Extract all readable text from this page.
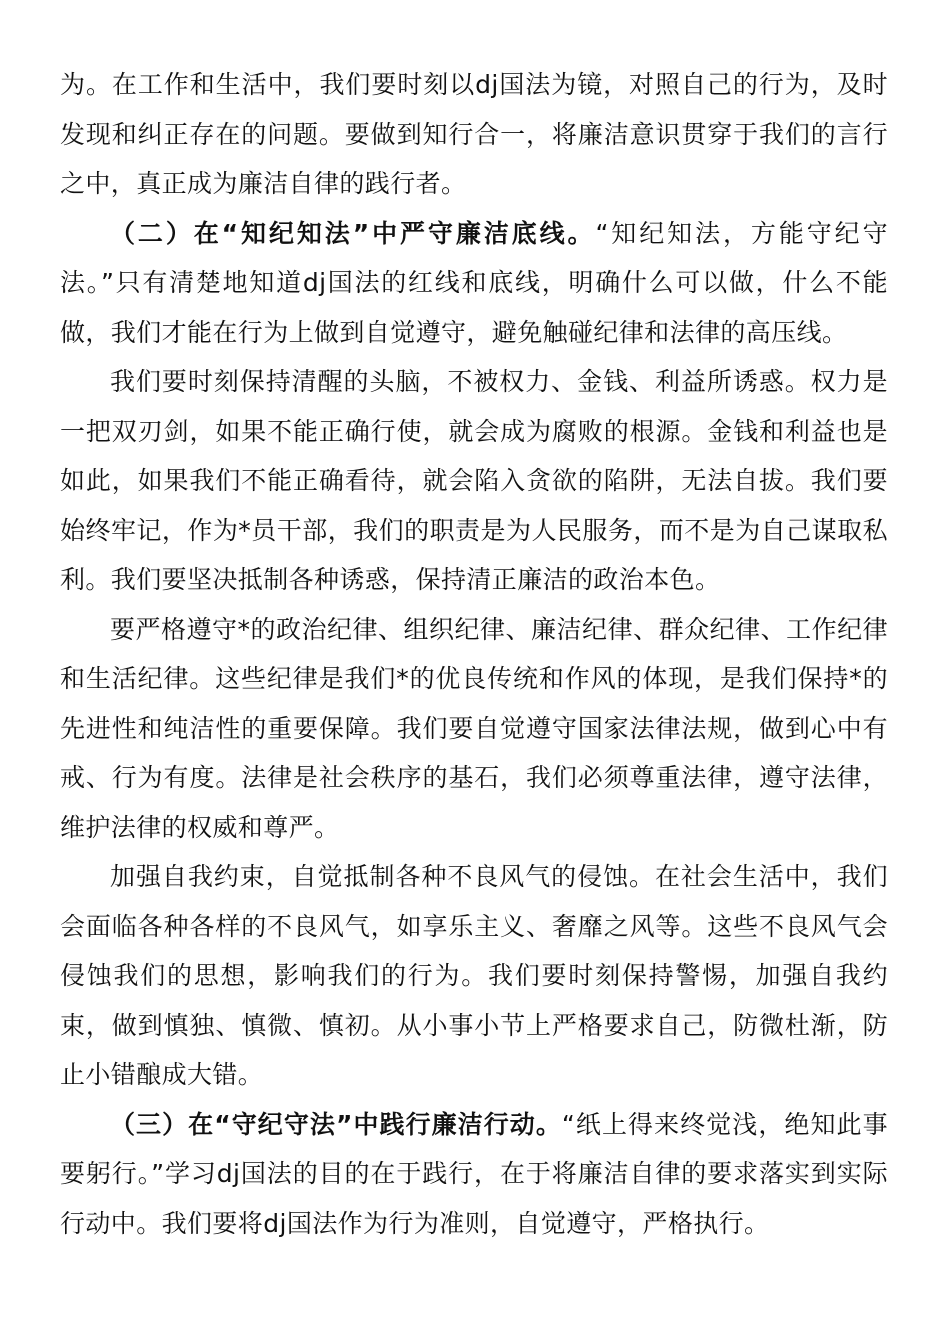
为。在工作和生活中，我们要时刻以dj国法为镜，对照自己的行为，及时发现和纠正存在的问题。要做到知行合一，将廉洁意识贯穿于我们的言行之中，真正成为廉洁自律的践行者。

（二）在“知纪知法”中严守廉洁底线。“知纪知法，方能守纪守法。”只有清楚地知道dj国法的红线和底线，明确什么可以做，什么不能做，我们才能在行为上做到自觉遵守，避免触碰纪律和法律的高压线。

我们要时刻保持清醒的头脑，不被权力、金钱、利益所诱惑。权力是一把双刃剑，如果不能正确行使，就会成为腐败的根源。金钱和利益也是如此，如果我们不能正确看待，就会陷入贪欲的陷阱，无法自拔。我们要始终牢记，作为*员干部，我们的职责是为人民服务，而不是为自己谋取私利。我们要坚决抵制各种诱惑，保持清正廉洁的政治本色。

要严格遵守*的政治纪律、组织纪律、廉洁纪律、群众纪律、工作纪律和生活纪律。这些纪律是我们*的优良传统和作风的体现，是我们保持*的先进性和纯洁性的重要保障。我们要自觉遵守国家法律法规，做到心中有戒、行为有度。法律是社会秩序的基石，我们必须尊重法律，遵守法律，维护法律的权威和尊严。

加强自我约束，自觉抵制各种不良风气的侵蚀。在社会生活中，我们会面临各种各样的不良风气，如享乐主义、奢靡之风等。这些不良风气会侵蚀我们的思想，影响我们的行为。我们要时刻保持警惕，加强自我约束，做到慎独、慎微、慎初。从小事小节上严格要求自己，防微杜渐，防止小错酿成大错。

（三）在“守纪守法”中践行廉洁行动。“纸上得来终觉浅，绝知此事要躬行。”学习dj国法的目的在于践行，在于将廉洁自律的要求落实到实际行动中。我们要将dj国法作为行为准则，自觉遵守，严格执行。
